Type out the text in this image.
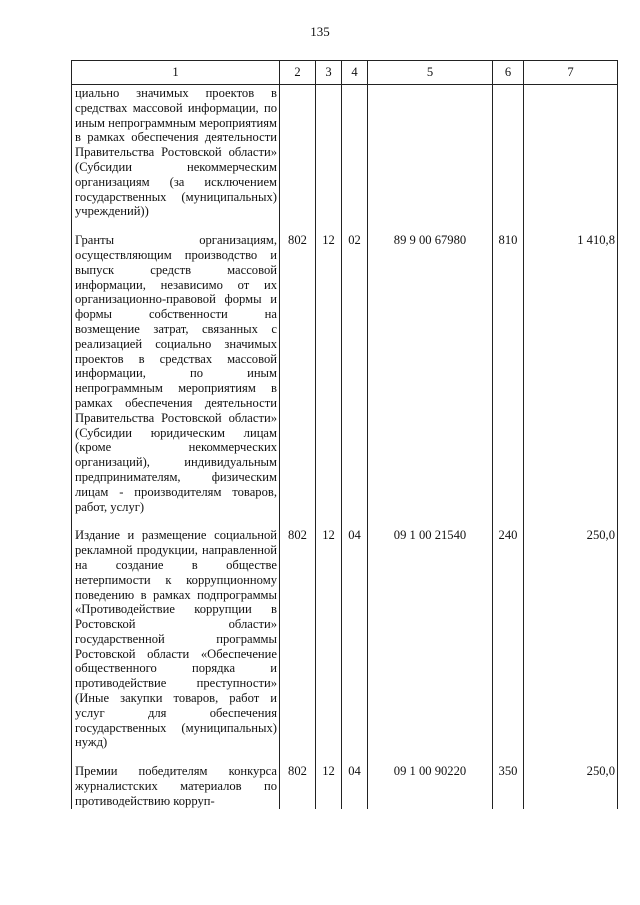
135
1	2	3	4	5	6	7
циально значимых проектов в средствах массовой информации, по иным непрограммным мероприятиям в рамках обеспечения деятельности Правительства Ростовской области» (Субсидии некоммерческим организациям (за исключением государственных (муниципальных) учреждений))						

Гранты организациям, осуществляющим производство и выпуск средств массовой информации, независимо от их организационно-правовой формы и формы собственности на возмещение затрат, связанных с реализацией социально значимых проектов в средствах массовой информации, по иным непрограммным мероприятиям в рамках обеспечения деятельности Правительства Ростовской области» (Субсидии юридическим лицам (кроме некоммерческих организаций), индивидуальным предпринимателям, физическим лицам - производителям товаров, работ, услуг)	802	12	02	89 9 00 67980	810	1 410,8

Издание и размещение социальной рекламной продукции, направленной на создание в обществе нетерпимости к коррупционному поведению в рамках подпрограммы «Противодействие коррупции в Ростовской области» государственной программы Ростовской области «Обеспечение общественного порядка и противодействие преступности» (Иные закупки товаров, работ и услуг для обеспечения государственных (муниципальных) нужд)	802	12	04	09 1 00 21540	240	250,0

Премии победителям конкурса журналистских материалов по противодействию корруп-	802	12	04	09 1 00 90220	350	250,0
